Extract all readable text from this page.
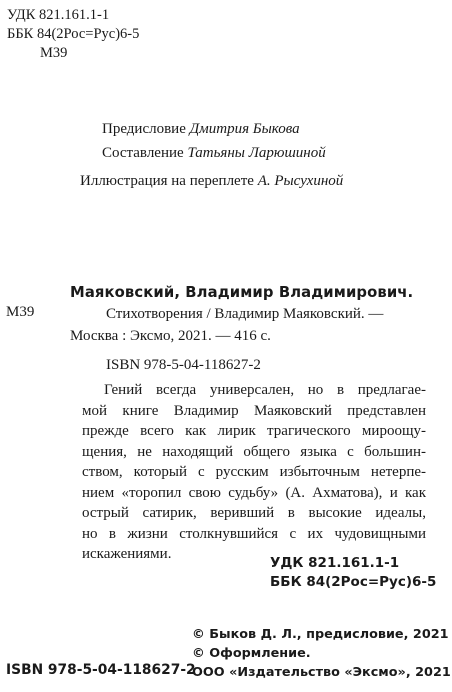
УДК 821.161.1-1
ББК 84(2Рос=Рус)6-5
М39
Предисловие Дмитрия Быкова
Составление Татьяны Ларюшиной
Иллюстрация на переплете А. Рысухиной
М39
Маяковский, Владимир Владимирович.
Стихотворения / Владимир Маяковский. —
Москва : Эксмо, 2021. — 416 с.
ISBN 978-5-04-118627-2
Гений всегда универсален, но в предлагае-
мой книге Владимир Маяковский представлен
прежде всего как лирик трагического мироощу-
щения, не находящий общего языка с большин-
ством, который с русским избыточным нетерпе-
нием «торопил свою судьбу» (А. Ахматова), и как
острый сатирик, веривший в высокие идеалы,
но в жизни столкнувшийся с их чудовищными
искажениями.
УДК 821.161.1-1
ББК 84(2Рос=Рус)6-5
© Быков Д. Л., предисловие, 2021
© Оформление.
ООО «Издательство «Эксмо», 2021
ISBN 978-5-04-118627-2
